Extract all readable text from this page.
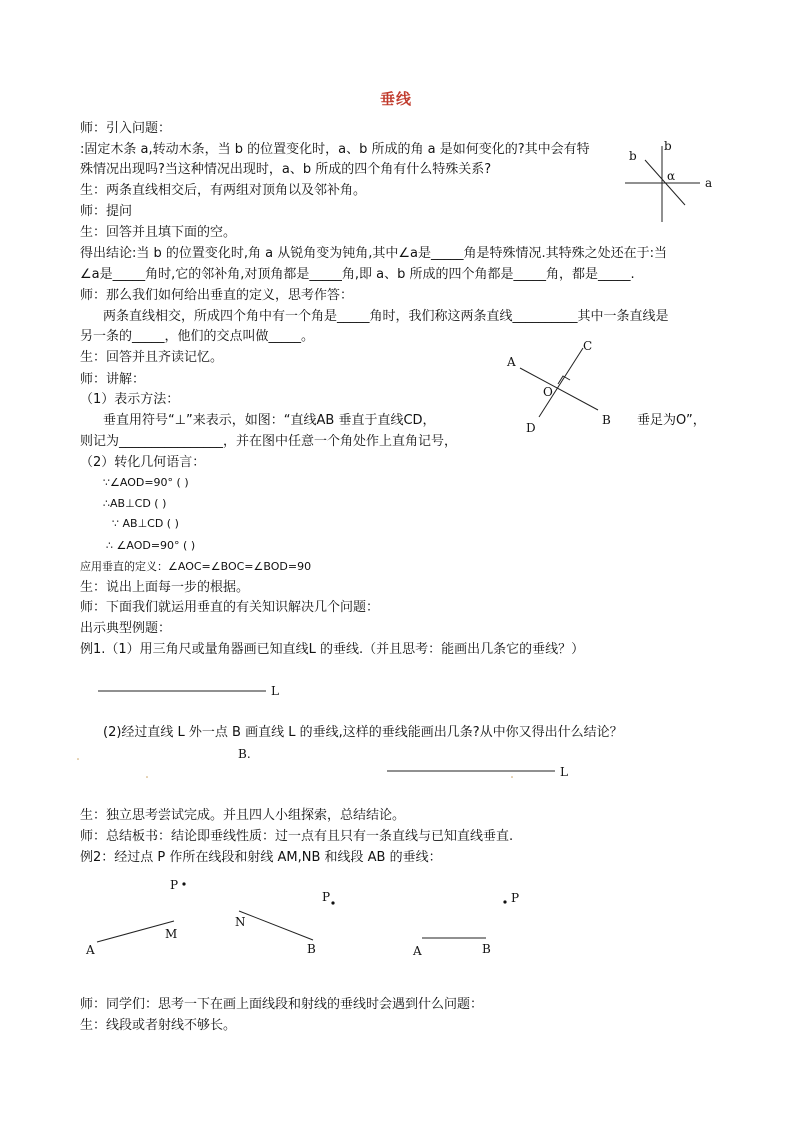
垂线
师：引入问题：
:固定木条 a,转动木条，当 b 的位置变化时，a、b 所成的角 a 是如何变化的?其中会有特
殊情况出现吗?当这种情况出现时，a、b 所成的四个角有什么特殊关系?
生：两条直线相交后，有两组对顶角以及邻补角。
师：提问
生：回答并且填下面的空。
得出结论:当 b 的位置变化时,角 a 从锐角变为钝角,其中∠a是_____角是特殊情况.其特殊之处还在于:当
∠a是_____角时,它的邻补角,对顶角都是_____角,即 a、b 所成的四个角都是_____角，都是_____.
师：那么我们如何给出垂直的定义，思考作答：
两条直线相交，所成四个角中有一个角是_____角时，我们称这两条直线__________其中一条直线是
另一条的_____，他们的交点叫做_____。
生：回答并且齐读记忆。
师：讲解：
（1）表示方法：
垂直用符号“⊥”来表示，如图：“直线AB 垂直于直线CD，	垂足为O”，
则记为________________，并在图中任意一个角处作上直角记号，
（2）转化几何语言：
∵∠AOD=90° ( )
∴AB⊥CD ( )
∵ AB⊥CD ( )
∴ ∠AOD=90° ( )
应用垂直的定义：∠AOC=∠BOC=∠BOD=90
生：说出上面每一步的根据。
师：下面我们就运用垂直的有关知识解决几个问题：
出示典型例题：
例1.（1）用三角尺或量角器画已知直线L 的垂线.（并且思考：能画出几条它的垂线？）
(2)经过直线 L 外一点 B 画直线 L 的垂线,这样的垂线能画出几条?从中你又得出什么结论？
生：独立思考尝试完成。并且四人小组探索，总结结论。
师：总结板书：结论即垂线性质：过一点有且只有一条直线与已知直线垂直.
例2：经过点 P 作所在线段和射线 AM,NB 和线段 AB 的垂线：
师：同学们：思考一下在画上面线段和射线的垂线时会遇到什么问题：
生：线段或者射线不够长。
b
b
α a
A
B
C
D
O
L
B.
L
P
A
M
P
N
B
P
A	B
